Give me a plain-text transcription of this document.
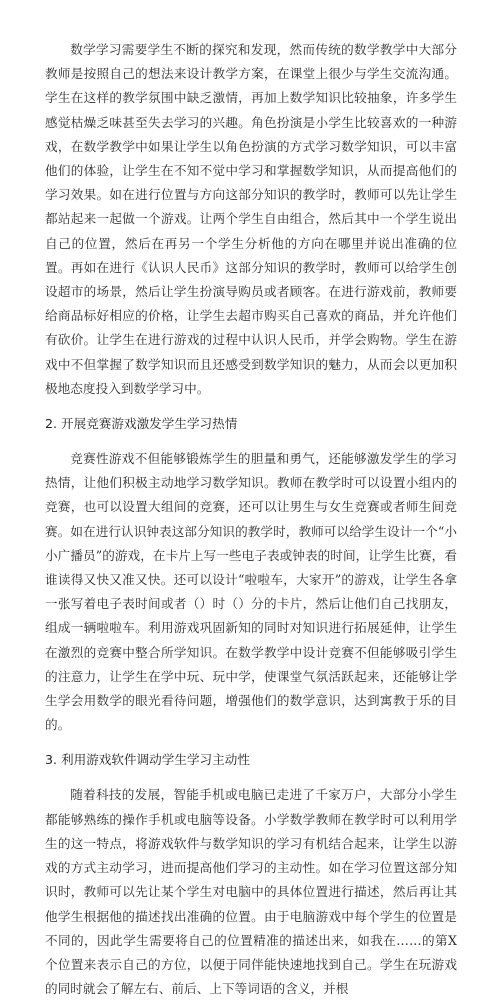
数学学习需要学生不断的探究和发现，然而传统的数学教学中大部分教师是按照自己的想法来设计教学方案，在课堂上很少与学生交流沟通。学生在这样的教学氛围中缺乏激情，再加上数学知识比较抽象，许多学生感觉枯燥乏味甚至失去学习的兴趣。角色扮演是小学生比较喜欢的一种游戏，在数学教学中如果让学生以角色扮演的方式学习数学知识，可以丰富他们的体验，让学生在不知不觉中学习和掌握数学知识，从而提高他们的学习效果。如在进行位置与方向这部分知识的教学时，教师可以先让学生都站起来一起做一个游戏。让两个学生自由组合，然后其中一个学生说出自己的位置，然后在再另一个学生分析他的方向在哪里并说出准确的位置。再如在进行《认识人民币》这部分知识的教学时，教师可以给学生创设超市的场景，然后让学生扮演导购员或者顾客。在进行游戏前，教师要给商品标好相应的价格，让学生去超市购买自己喜欢的商品，并允许他们有砍价。让学生在进行游戏的过程中认识人民币，并学会购物。学生在游戏中不但掌握了数学知识而且还感受到数学知识的魅力，从而会以更加积极地态度投入到数学学习中。

2. 开展竞赛游戏激发学生学习热情

竞赛性游戏不但能够锻炼学生的胆量和勇气，还能够激发学生的学习热情，让他们积极主动地学习数学知识。教师在教学时可以设置小组内的竞赛，也可以设置大组间的竞赛，还可以让男生与女生竞赛或者师生间竞赛。如在进行认识钟表这部分知识的教学时，教师可以给学生设计一个“小小广播员”的游戏，在卡片上写一些电子表或钟表的时间，让学生比赛，看谁读得又快又准又快。还可以设计“啦啦车，大家开”的游戏，让学生各拿一张写着电子表时间或者（）时（）分的卡片，然后让他们自己找朋友，组成一辆啦啦车。利用游戏巩固新知的同时对知识进行拓展延伸，让学生在激烈的竞赛中整合所学知识。在数学教学中设计竞赛不但能够吸引学生的注意力，让学生在学中玩、玩中学，使课堂气氛活跃起来，还能够让学生学会用数学的眼光看待问题，增强他们的数学意识，达到寓教于乐的目的。

3. 利用游戏软件调动学生学习主动性

随着科技的发展，智能手机或电脑已走进了千家万户，大部分小学生都能够熟练的操作手机或电脑等设备。小学数学教师在教学时可以利用学生的这一特点，将游戏软件与数学知识的学习有机结合起来，让学生以游戏的方式主动学习，进而提高他们学习的主动性。如在学习位置这部分知识时，教师可以先让某个学生对电脑中的具体位置进行描述，然后再让其他学生根据他的描述找出准确的位置。由于电脑游戏中每个学生的位置是不同的，因此学生需要将自己的位置精准的描述出来，如我在……的第X个位置来表示自己的方位，以便于同伴能快速地找到自己。学生在玩游戏的同时就会了解左右、前后、上下等词语的含义，并根
